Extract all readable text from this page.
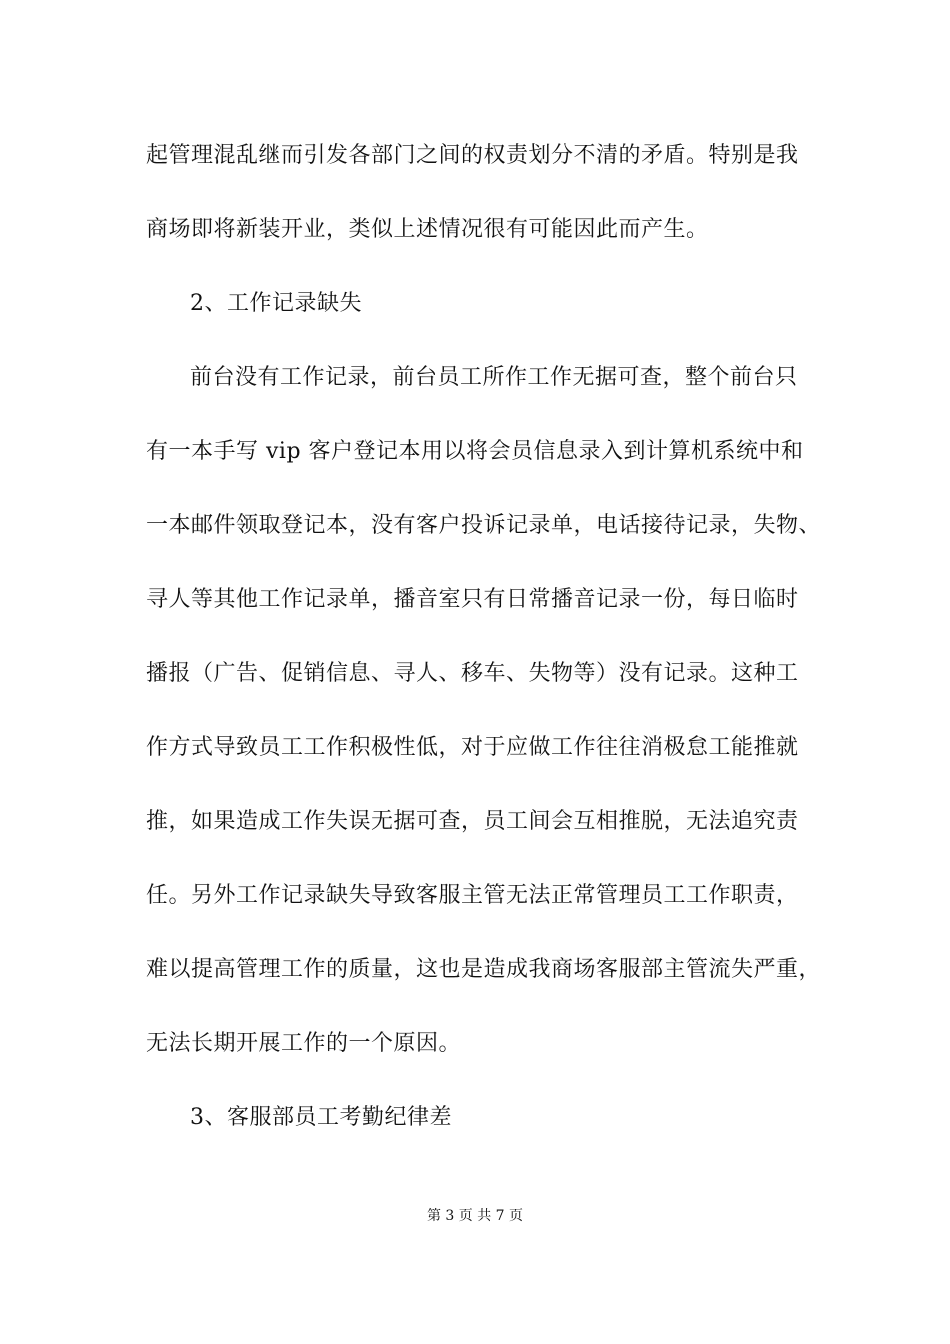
起管理混乱继而引发各部门之间的权责划分不清的矛盾。特别是我
商场即将新装开业，类似上述情况很有可能因此而产生。
2、工作记录缺失
前台没有工作记录，前台员工所作工作无据可查，整个前台只
有一本手写 vip 客户登记本用以将会员信息录入到计算机系统中和
一本邮件领取登记本，没有客户投诉记录单，电话接待记录，失物、
寻人等其他工作记录单，播音室只有日常播音记录一份，每日临时
播报（广告、促销信息、寻人、移车、失物等）没有记录。这种工
作方式导致员工工作积极性低，对于应做工作往往消极怠工能推就
推，如果造成工作失误无据可查，员工间会互相推脱，无法追究责
任。另外工作记录缺失导致客服主管无法正常管理员工工作职责，
难以提高管理工作的质量，这也是造成我商场客服部主管流失严重，
无法长期开展工作的一个原因。
3、客服部员工考勤纪律差
第 3 页 共 7 页
